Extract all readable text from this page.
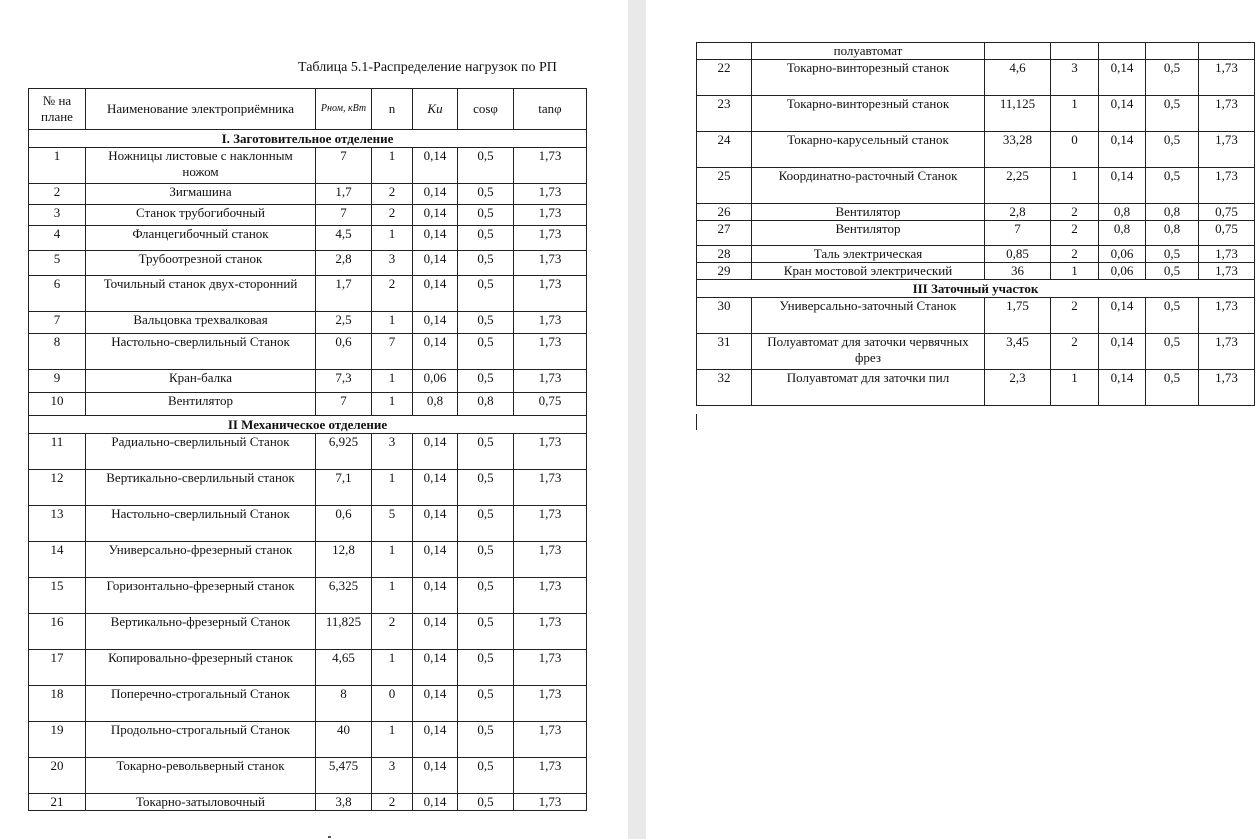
Таблица 5.1-Распределение нагрузок по РП
№ на плане	Наименование электроприёмника	Pном, кВт	n	Kи	cosφ	tanφ
I. Заготовительное отделение						
1	Ножницы листовые с наклонным ножом	7	1	0,14	0,5	1,73
2	Зигмашина	1,7	2	0,14	0,5	1,73
3	Станок трубогибочный	7	2	0,14	0,5	1,73
4	Фланцегибочный станок	4,5	1	0,14	0,5	1,73
5	Трубоотрезной станок	2,8	3	0,14	0,5	1,73
6	Точильный станок двух-сторонний	1,7	2	0,14	0,5	1,73
7	Вальцовка трехвалковая	2,5	1	0,14	0,5	1,73
8	Настольно-сверлильный Станок	0,6	7	0,14	0,5	1,73
9	Кран-балка	7,3	1	0,06	0,5	1,73
10	Вентилятор	7	1	0,8	0,8	0,75
II Механическое отделение						
11	Радиально-сверлильный Станок	6,925	3	0,14	0,5	1,73
12	Вертикально-сверлильный станок	7,1	1	0,14	0,5	1,73
13	Настольно-сверлильный Станок	0,6	5	0,14	0,5	1,73
14	Универсально-фрезерный станок	12,8	1	0,14	0,5	1,73
15	Горизонтально-фрезерный станок	6,325	1	0,14	0,5	1,73
16	Вертикально-фрезерный Станок	11,825	2	0,14	0,5	1,73
17	Копировально-фрезерный станок	4,65	1	0,14	0,5	1,73
18	Поперечно-строгальный Станок	8	0	0,14	0,5	1,73
19	Продольно-строгальный Станок	40	1	0,14	0,5	1,73
20	Токарно-револьверный станок	5,475	3	0,14	0,5	1,73
21	Токарно-затыловочный	3,8	2	0,14	0,5	1,73
	полуавтомат					
22	Токарно-винторезный станок	4,6	3	0,14	0,5	1,73
23	Токарно-винторезный станок	11,125	1	0,14	0,5	1,73
24	Токарно-карусельный станок	33,28	0	0,14	0,5	1,73
25	Координатно-расточный Станок	2,25	1	0,14	0,5	1,73
26	Вентилятор	2,8	2	0,8	0,8	0,75
27	Вентилятор	7	2	0,8	0,8	0,75
28	Таль электрическая	0,85	2	0,06	0,5	1,73
29	Кран мостовой электрический	36	1	0,06	0,5	1,73
III Заточный участок						
30	Универсально-заточный Станок	1,75	2	0,14	0,5	1,73
31	Полуавтомат для заточки червячных фрез	3,45	2	0,14	0,5	1,73
32	Полуавтомат для заточки пил	2,3	1	0,14	0,5	1,73
